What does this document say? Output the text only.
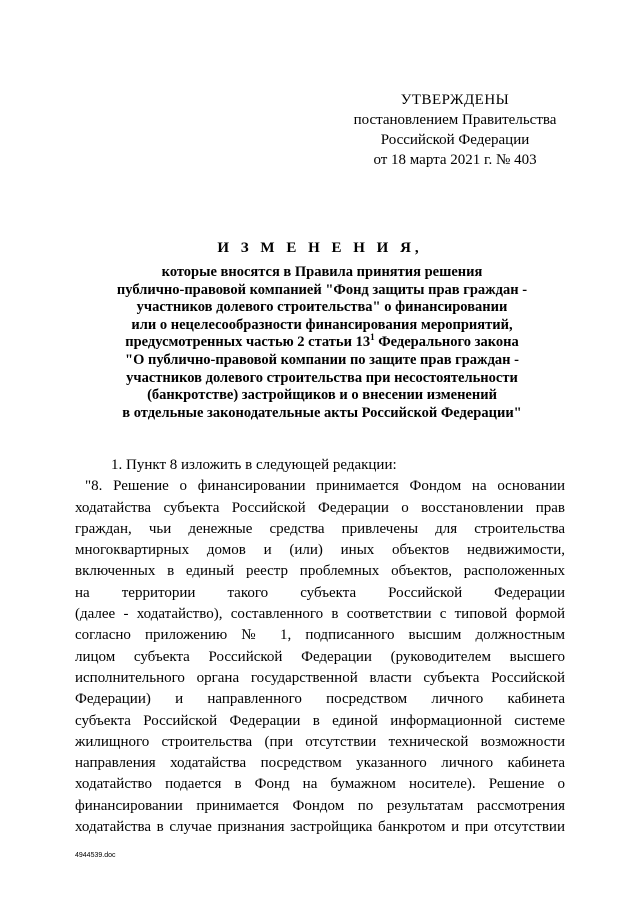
УТВЕРЖДЕНЫ
постановлением Правительства
Российской Федерации
от 18 марта 2021 г. № 403
И З М Е Н Е Н И Я,
которые вносятся в Правила принятия решения
публично-правовой компанией "Фонд защиты прав граждан -
участников долевого строительства" о финансировании
или о нецелесообразности финансирования мероприятий,
предусмотренных частью 2 статьи $13^1$ Федерального закона
"О публично-правовой компании по защите прав граждан -
участников долевого строительства при несостоятельности
(банкротстве) застройщиков и о внесении изменений
в отдельные законодательные акты Российской Федерации"
1. Пункт 8 изложить в следующей редакции:
"8. Решение о финансировании принимается Фондом на основании
ходатайства субъекта Российской Федерации о восстановлении прав
граждан, чьи денежные средства привлечены для строительства
многоквартирных домов и (или) иных объектов недвижимости,
включенных в единый реестр проблемных объектов, расположенных
на территории такого субъекта Российской Федерации
(далее - ходатайство), составленного в соответствии с типовой формой
согласно приложению № 1, подписанного высшим должностным
лицом субъекта Российской Федерации (руководителем высшего
исполнительного органа государственной власти субъекта Российской
Федерации) и направленного посредством личного кабинета
субъекта Российской Федерации в единой информационной системе
жилищного строительства (при отсутствии технической возможности
направления ходатайства посредством указанного личного кабинета
ходатайство подается в Фонд на бумажном носителе). Решение о
финансировании принимается Фондом по результатам рассмотрения
ходатайства в случае признания застройщика банкротом и при отсутствии
4944539.doc
